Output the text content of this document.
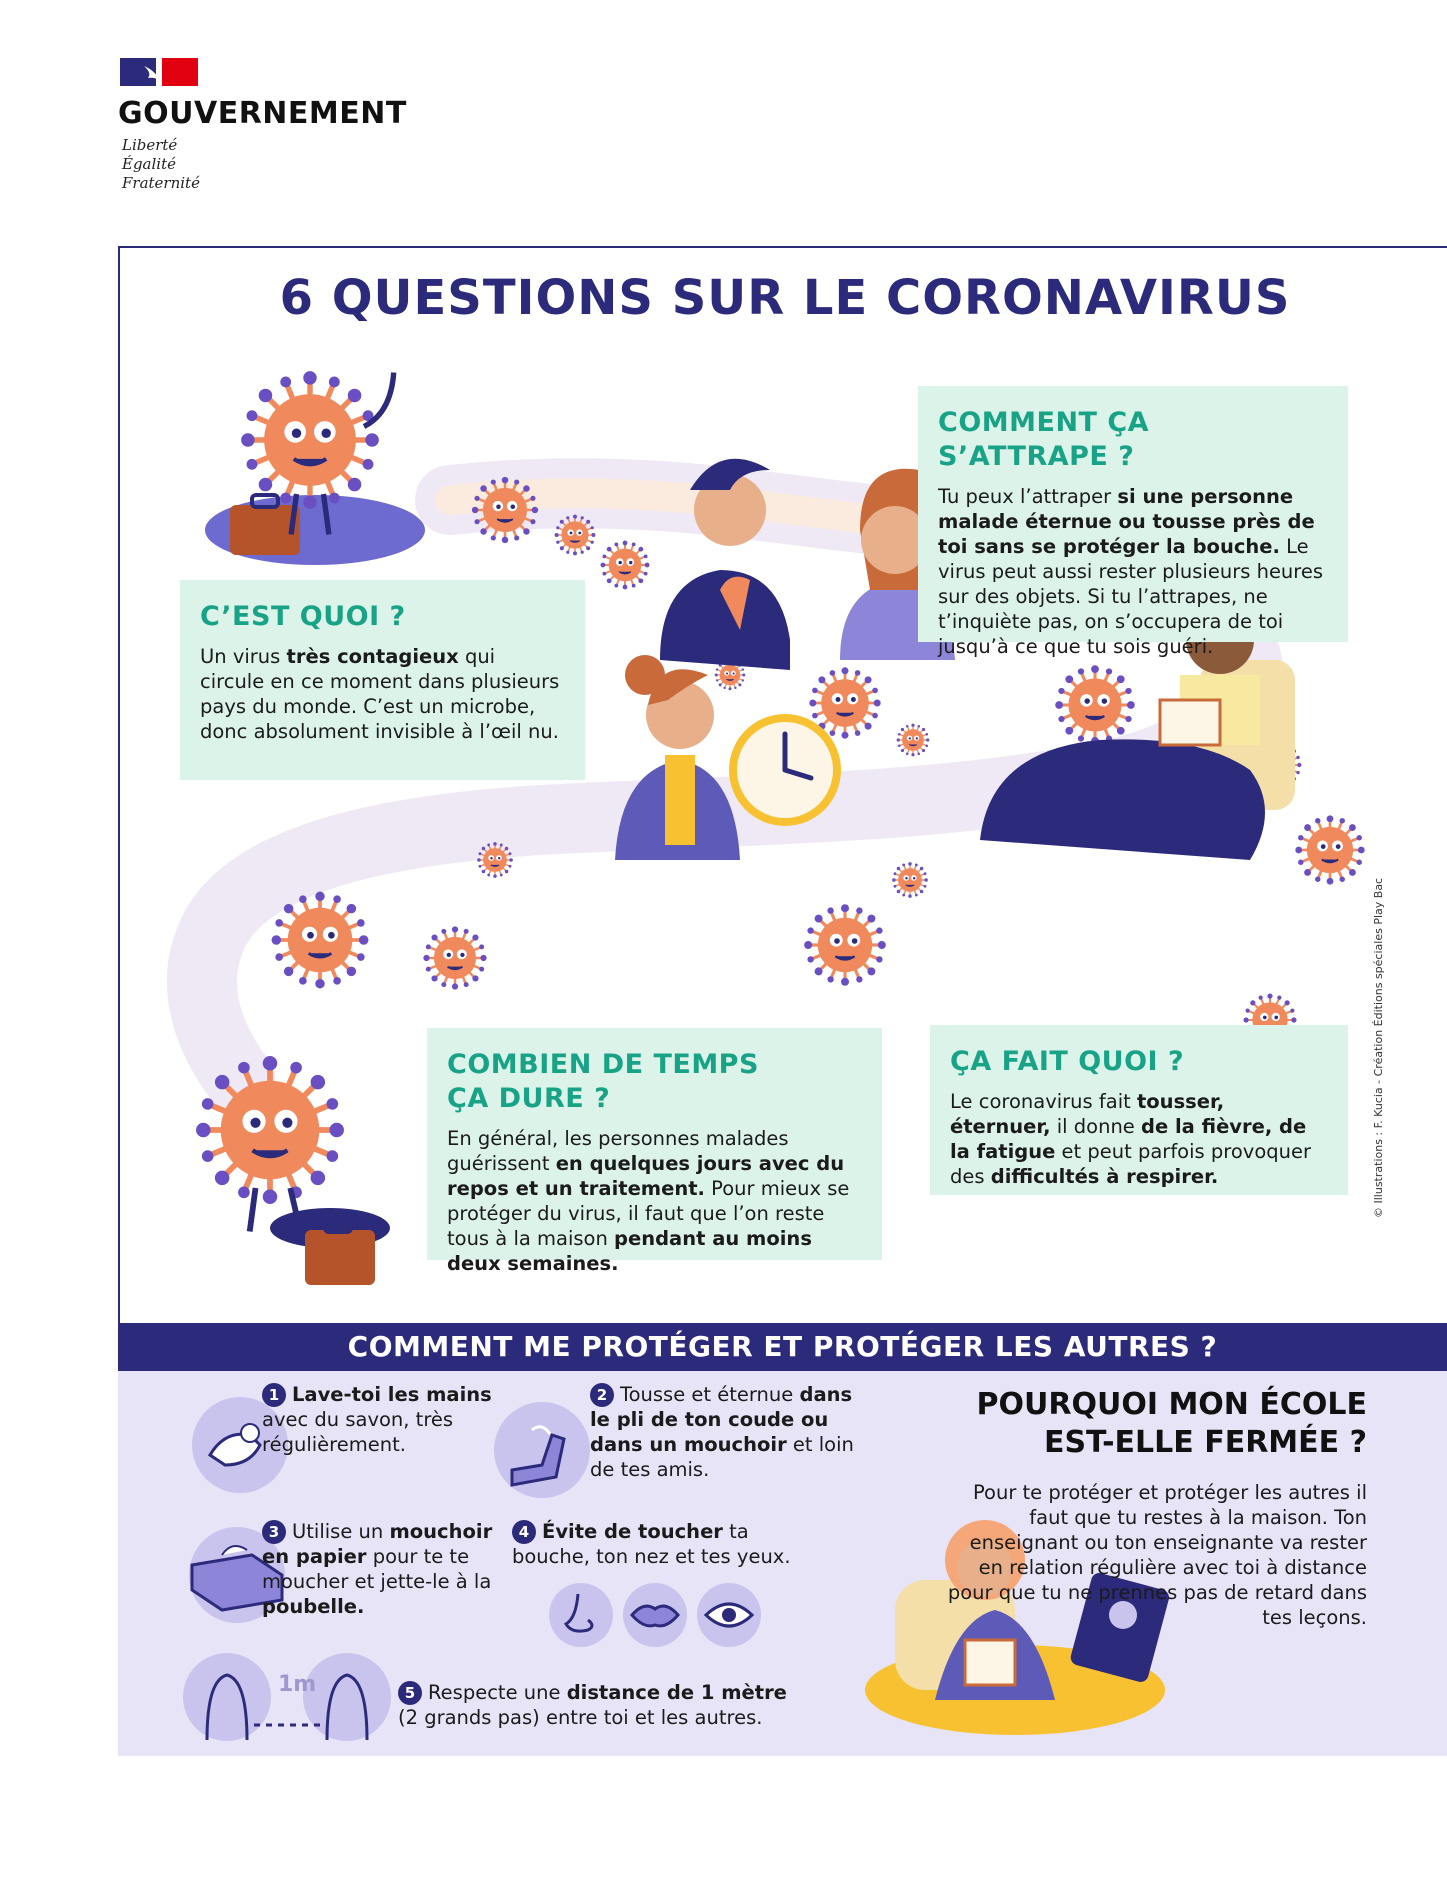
GOUVERNEMENT
Liberté
Égalité
Fraternité
6 QUESTIONS SUR LE CORONAVIRUS
C’EST QUOI ?

Un virus très contagieux qui circule en ce moment dans plusieurs pays du monde. C’est un microbe, donc absolument invisible à l’œil nu.

COMMENT ÇA S’ATTRAPE ?

Tu peux l’attraper si une personne malade éternue ou tousse près de toi sans se protéger la bouche. Le virus peut aussi rester plusieurs heures sur des objets. Si tu l’attrapes, ne t’inquiète pas, on s’occupera de toi jusqu’à ce que tu sois guéri.

COMBIEN DE TEMPS
ÇA DURE ?

En général, les personnes malades guérissent en quelques jours avec du repos et un traitement. Pour mieux se protéger du virus, il faut que l’on reste tous à la maison pendant au moins deux semaines.

ÇA FAIT QUOI ?

Le coronavirus fait tousser, éternuer, il donne de la fièvre, de la fatigue et peut parfois provoquer des difficultés à respirer.	© Illustrations : F. Kucia - Création Éditions spéciales Play Bac
COMMENT ME PROTÉGER ET PROTÉGER LES AUTRES ?
1 Lave-toi les mains avec du savon, très régulièrement.
2 Tousse et éternue dans le pli de ton coude ou dans un mouchoir et loin de tes amis.
3 Utilise un mouchoir en papier pour te te moucher et jette-le à la poubelle.
4 Évite de toucher ta bouche, ton nez et tes yeux.
1m	5 Respecte une distance de 1 mètre (2 grands pas) entre toi et les autres.
POURQUOI MON ÉCOLE
EST-ELLE FERMÉE ?
Pour te protéger et protéger les autres il faut que tu restes à la maison. Ton enseignant ou ton enseignante va rester en relation régulière avec toi à distance pour que tu ne prennes pas de retard dans tes leçons.
